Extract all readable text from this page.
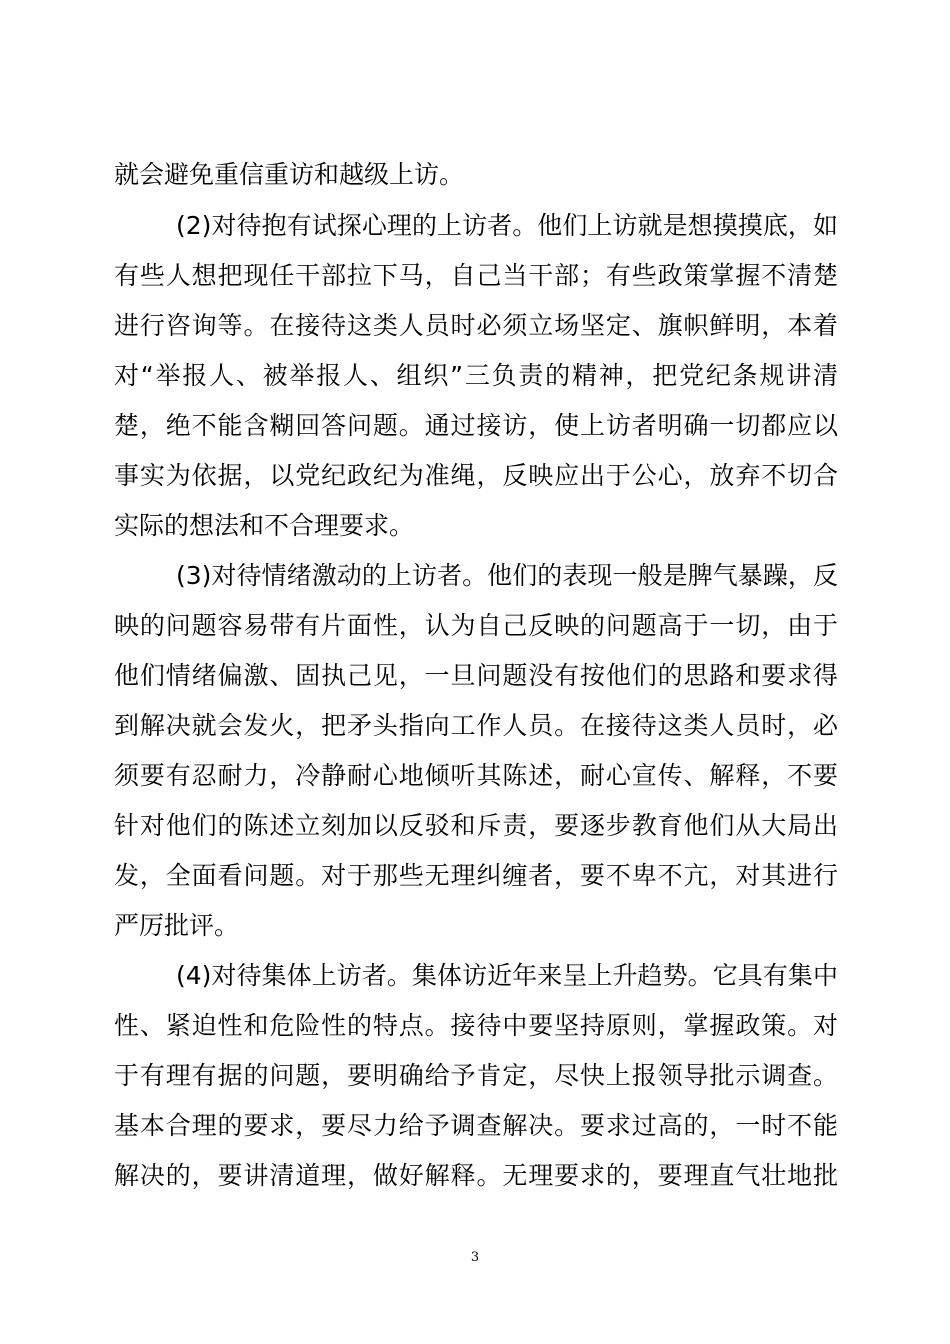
就会避免重信重访和越级上访。
(2)对待抱有试探心理的上访者。他们上访就是想摸摸底，如
有些人想把现任干部拉下马，自己当干部；有些政策掌握不清楚
进行咨询等。在接待这类人员时必须立场坚定、旗帜鲜明，本着
对“举报人、被举报人、组织”三负责的精神，把党纪条规讲清
楚，绝不能含糊回答问题。通过接访，使上访者明确一切都应以
事实为依据，以党纪政纪为准绳，反映应出于公心，放弃不切合
实际的想法和不合理要求。
(3)对待情绪激动的上访者。他们的表现一般是脾气暴躁，反
映的问题容易带有片面性，认为自己反映的问题高于一切，由于
他们情绪偏激、固执己见，一旦问题没有按他们的思路和要求得
到解决就会发火，把矛头指向工作人员。在接待这类人员时，必
须要有忍耐力，冷静耐心地倾听其陈述，耐心宣传、解释，不要
针对他们的陈述立刻加以反驳和斥责，要逐步教育他们从大局出
发，全面看问题。对于那些无理纠缠者，要不卑不亢，对其进行
严厉批评。
(4)对待集体上访者。集体访近年来呈上升趋势。它具有集中
性、紧迫性和危险性的特点。接待中要坚持原则，掌握政策。对
于有理有据的问题，要明确给予肯定，尽快上报领导批示调查。
基本合理的要求，要尽力给予调查解决。要求过高的，一时不能
解决的，要讲清道理，做好解释。无理要求的，要理直气壮地批
3
